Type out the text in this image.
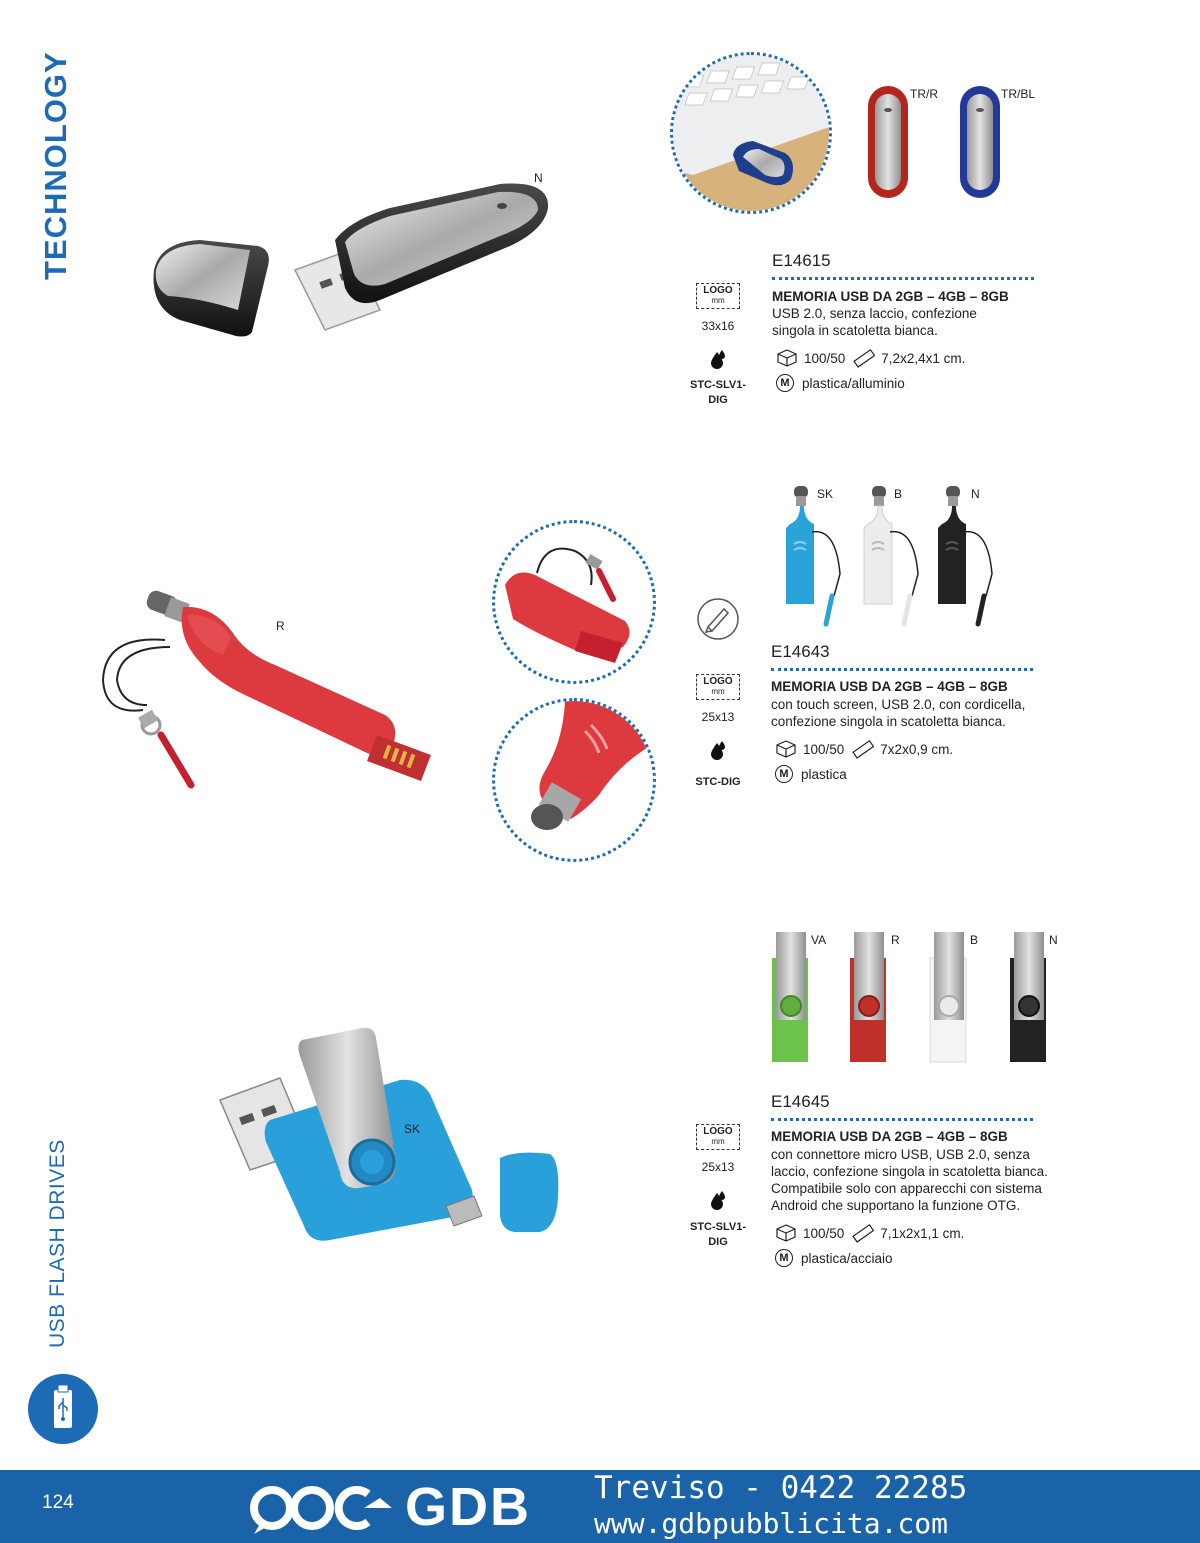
TECHNOLOGY
USB FLASH DRIVES
N
TR/R	TR/BL
E14615
MEMORIA USB DA 2GB – 4GB – 8GB
USB 2.0, senza laccio, confezione
singola in scatoletta bianca.
100/50	7,2x2,4x1 cm.
M plastica/alluminio
LOGO
mm
33x16
STC-SLV1-
DIG
R
SK	B	N
E14643
MEMORIA USB DA 2GB – 4GB – 8GB
con touch screen, USB 2.0, con cordicella,
confezione singola in scatoletta bianca.
100/50	7x2x0,9 cm.
M plastica
LOGO
mm
25x13
STC-DIG
SK
VA	R	B	N
E14645
MEMORIA USB DA 2GB – 4GB – 8GB
con connettore micro USB, USB 2.0, senza
laccio, confezione singola in scatoletta bianca.
Compatibile solo con apparecchi con sistema
Android che supportano la funzione OTG.
100/50	7,1x2x1,1 cm.
M plastica/acciaio
LOGO
mm
25x13
STC-SLV1-
DIG
124	GDB Treviso - 0422 22285
www.gdbpubblicita.com
